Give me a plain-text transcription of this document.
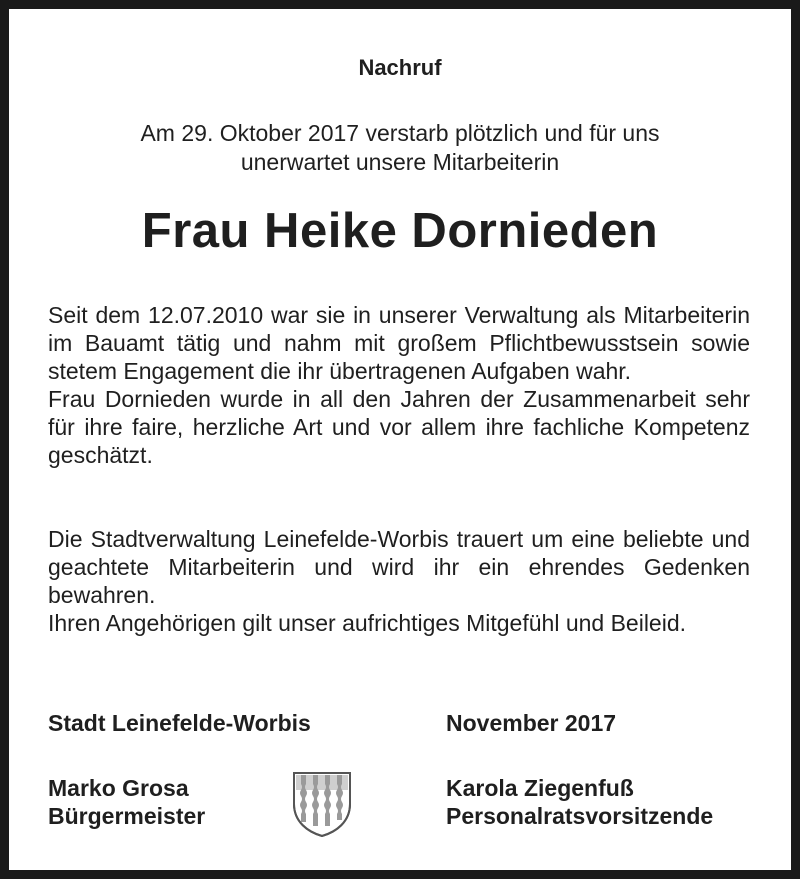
Nachruf
Am 29. Oktober 2017 verstarb plötzlich und für uns
unerwartet unsere Mitarbeiterin
Frau Heike Dornieden

Seit dem 12.07.2010 war sie in unserer Verwaltung als Mitarbeiterin im Bauamt tätig und nahm mit großem Pflichtbewusstsein sowie stetem Engagement die ihr übertragenen Aufgaben wahr.

Frau Dornieden wurde in all den Jahren der Zusammenarbeit sehr für ihre faire, herzliche Art und vor allem ihre fachliche Kompetenz geschätzt.

Die Stadtverwaltung Leinefelde-Worbis trauert um eine beliebte und geachtete Mitarbeiterin und wird ihr ein ehrendes Gedenken bewahren.

Ihren Angehörigen gilt unser aufrichtiges Mitgefühl und Beileid.

Stadt Leinefelde-Worbis	November 2017
Marko Grosa
Bürgermeister
Karola Ziegenfuß
Personalratsvorsitzende
